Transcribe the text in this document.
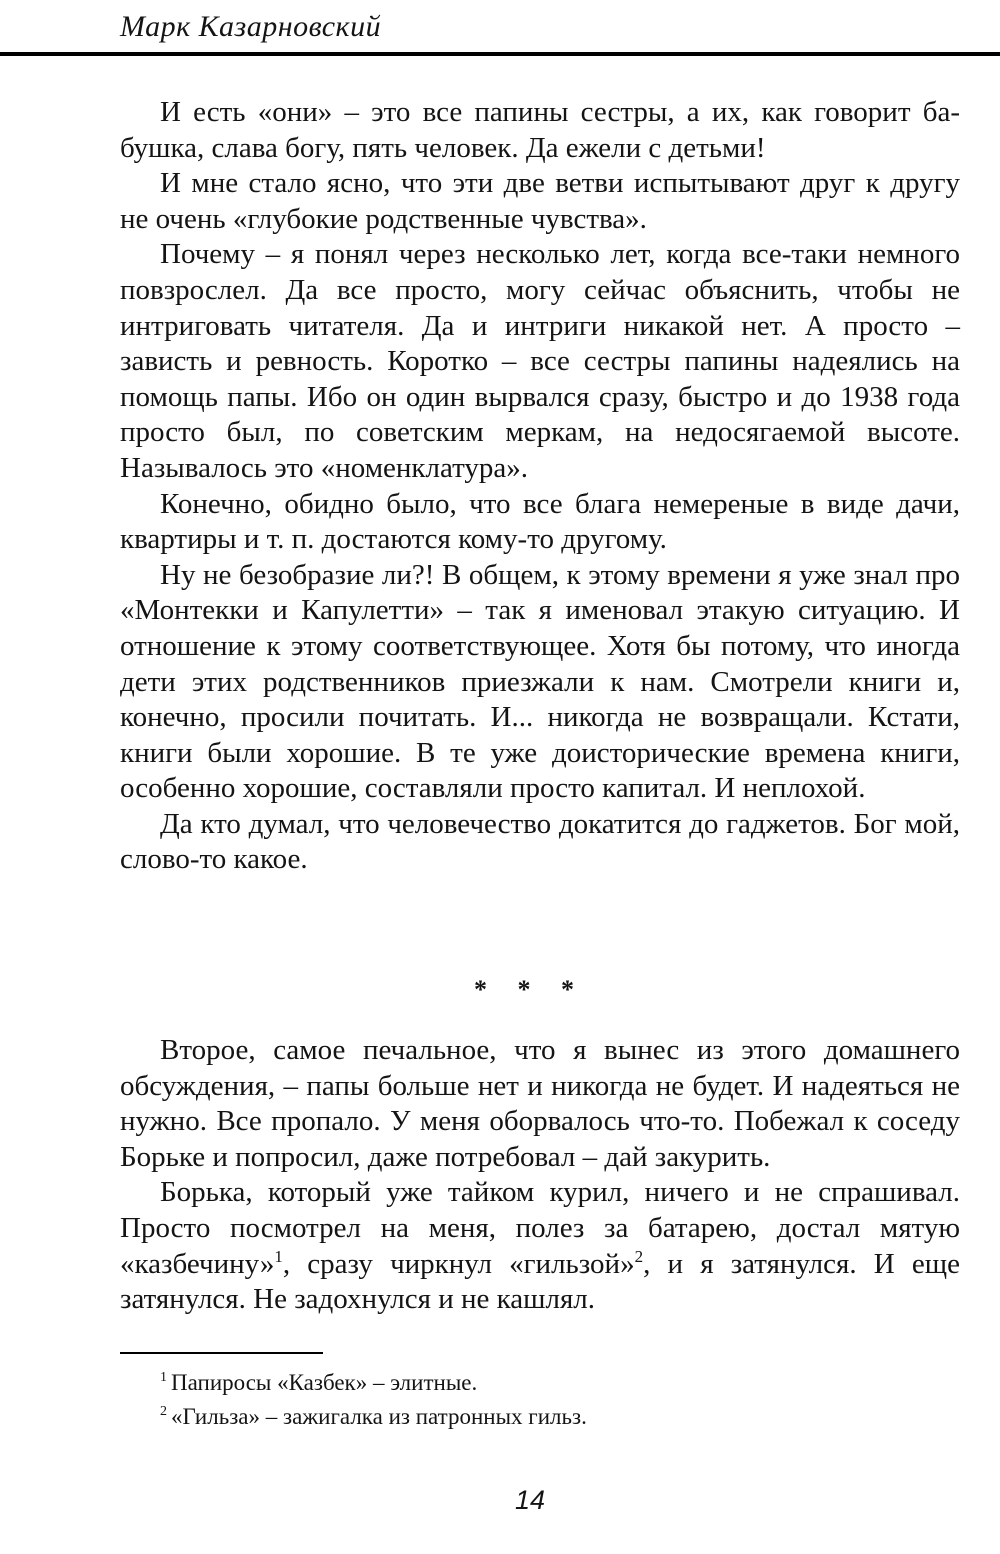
Марк Казарновский

И есть «они» – это все папины сестры, а их, как говорит бабушка, слава богу, пять человек. Да ежели с детьми!

И мне стало ясно, что эти две ветви испытывают друг к другу не очень «глубокие родственные чувства».

Почему – я понял через несколько лет, когда все-таки немного повзрослел. Да все просто, могу сейчас объяснить, чтобы не интриговать читателя. Да и интриги никакой нет. А просто – зависть и ревность. Коротко – все сестры папины надеялись на помощь папы. Ибо он один вырвался сразу, быстро и до 1938 года просто был, по советским меркам, на недосягаемой высоте. Называлось это «номенклатура».

Конечно, обидно было, что все блага немереные в виде дачи, квартиры и т. п. достаются кому-то другому.

Ну не безобразие ли?! В общем, к этому времени я уже знал про «Монтекки и Капулетти» – так я именовал этакую ситуацию. И отношение к этому соответствующее. Хотя бы потому, что иногда дети этих родственников приезжали к нам. Смотрели книги и, конечно, просили почитать. И... никогда не возвращали. Кстати, книги были хорошие. В те уже доисторические времена книги, особенно хорошие, составляли просто капитал. И неплохой.

Да кто думал, что человечество докатится до гаджетов. Бог мой, слово-то какое.

* * *

Второе, самое печальное, что я вынес из этого домашнего обсуждения, – папы больше нет и никогда не будет. И надеяться не нужно. Все пропало. У меня оборвалось что-то. Побежал к соседу Борьке и попросил, даже потребовал – дай закурить.

Борька, который уже тайком курил, ничего и не спрашивал. Просто посмотрел на меня, полез за батарею, достал мятую «казбечину»$^1$, сразу чиркнул «гильзой»$^2$, и я затянулся. И еще затянулся. Не задохнулся и не кашлял.

$^1$ Папиросы «Казбек» – элитные.

$^2$ «Гильза» – зажигалка из патронных гильз.

14
